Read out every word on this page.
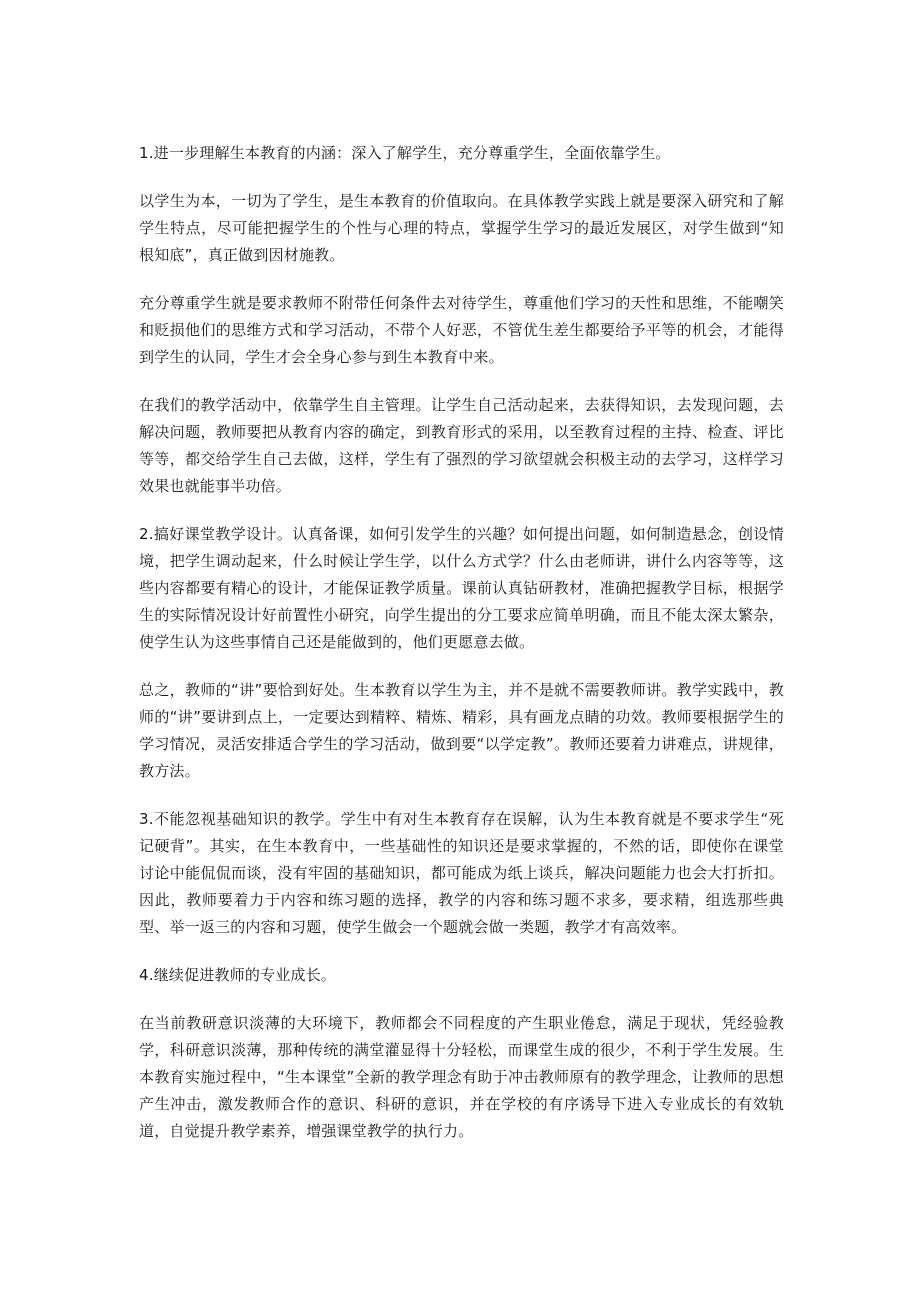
1.进一步理解生本教育的内涵：深入了解学生，充分尊重学生，全面依靠学生。

以学生为本，一切为了学生，是生本教育的价值取向。在具体教学实践上就是要深入研究和了解学生特点，尽可能把握学生的个性与心理的特点，掌握学生学习的最近发展区，对学生做到“知根知底”，真正做到因材施教。

充分尊重学生就是要求教师不附带任何条件去对待学生，尊重他们学习的天性和思维，不能嘲笑和贬损他们的思维方式和学习活动，不带个人好恶，不管优生差生都要给予平等的机会，才能得到学生的认同，学生才会全身心参与到生本教育中来。

在我们的教学活动中，依靠学生自主管理。让学生自己活动起来，去获得知识，去发现问题，去解决问题，教师要把从教育内容的确定，到教育形式的采用，以至教育过程的主持、检查、评比等等，都交给学生自己去做，这样，学生有了强烈的学习欲望就会积极主动的去学习，这样学习效果也就能事半功倍。

2.搞好课堂教学设计。认真备课，如何引发学生的兴趣？如何提出问题，如何制造悬念，创设情境，把学生调动起来，什么时候让学生学，以什么方式学？什么由老师讲，讲什么内容等等，这些内容都要有精心的设计，才能保证教学质量。课前认真钻研教材，准确把握教学目标，根据学生的实际情况设计好前置性小研究，向学生提出的分工要求应简单明确，而且不能太深太繁杂，使学生认为这些事情自己还是能做到的，他们更愿意去做。

总之，教师的“讲”要恰到好处。生本教育以学生为主，并不是就不需要教师讲。教学实践中，教师的“讲”要讲到点上，一定要达到精粹、精炼、精彩，具有画龙点睛的功效。教师要根据学生的学习情况，灵活安排适合学生的学习活动，做到要“以学定教”。教师还要着力讲难点，讲规律，教方法。

3.不能忽视基础知识的教学。学生中有对生本教育存在误解，认为生本教育就是不要求学生“死记硬背”。其实，在生本教育中，一些基础性的知识还是要求掌握的，不然的话，即使你在课堂讨论中能侃侃而谈，没有牢固的基础知识，都可能成为纸上谈兵，解决问题能力也会大打折扣。因此，教师要着力于内容和练习题的选择，教学的内容和练习题不求多，要求精，组选那些典型、举一返三的内容和习题，使学生做会一个题就会做一类题，教学才有高效率。

4.继续促进教师的专业成长。

在当前教研意识淡薄的大环境下，教师都会不同程度的产生职业倦怠，满足于现状，凭经验教学，科研意识淡薄，那种传统的满堂灌显得十分轻松，而课堂生成的很少，不利于学生发展。生本教育实施过程中，“生本课堂”全新的教学理念有助于冲击教师原有的教学理念，让教师的思想产生冲击，激发教师合作的意识、科研的意识，并在学校的有序诱导下进入专业成长的有效轨道，自觉提升教学素养，增强课堂教学的执行力。
